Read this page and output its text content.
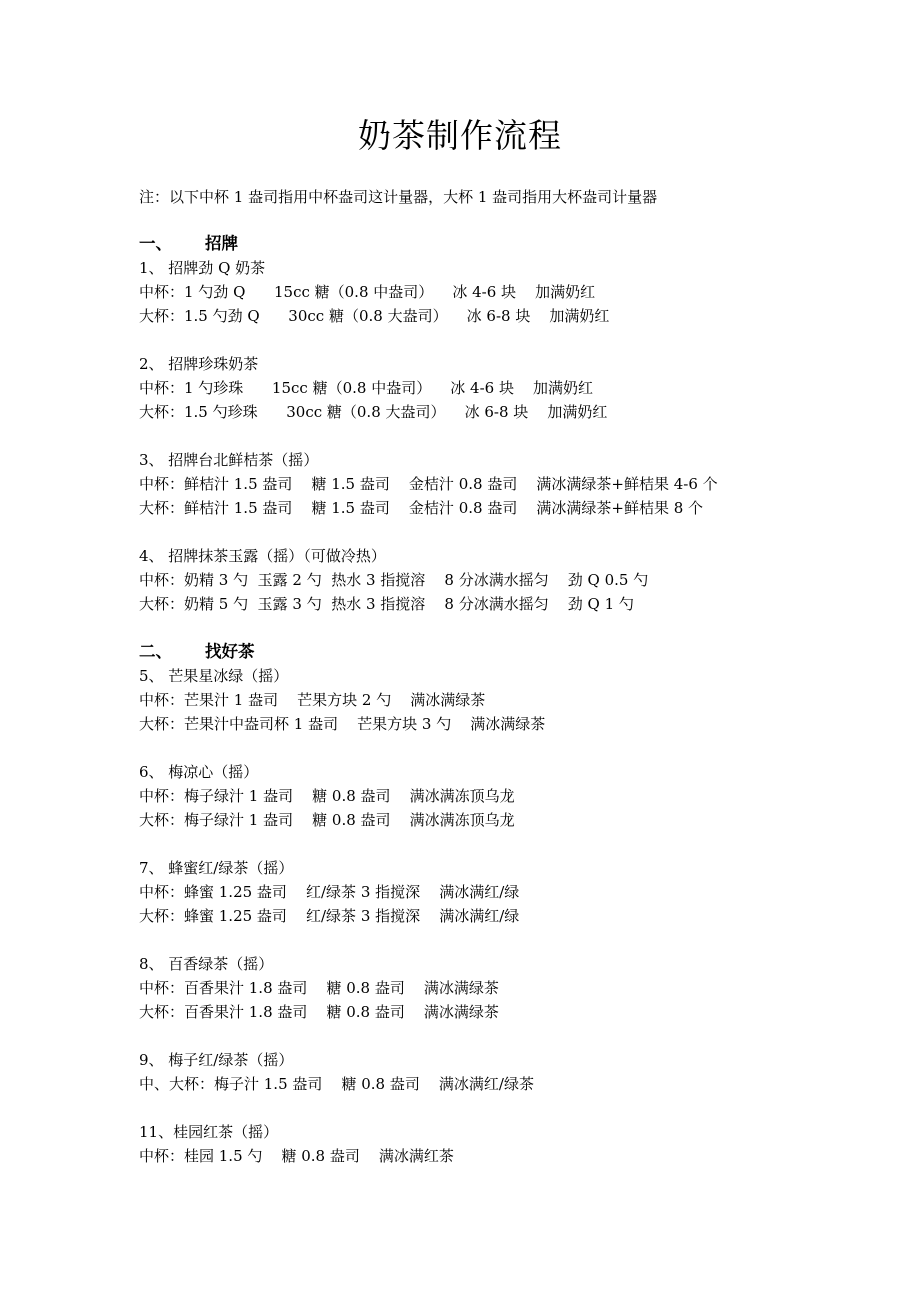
奶茶制作流程
注：以下中杯 1 盎司指用中杯盎司这计量器，大杯 1 盎司指用大杯盎司计量器
一、 招牌
1、 招牌劲 Q 奶茶
中杯：1 勺劲 Q      15cc 糖（0.8 中盎司）    冰 4-6 块    加满奶红
大杯：1.5 勺劲 Q      30cc 糖（0.8 大盎司）    冰 6-8 块    加满奶红
2、 招牌珍珠奶茶
中杯：1 勺珍珠      15cc 糖（0.8 中盎司）    冰 4-6 块    加满奶红
大杯：1.5 勺珍珠      30cc 糖（0.8 大盎司）    冰 6-8 块    加满奶红
3、 招牌台北鲜桔茶（摇）
中杯：鲜桔汁 1.5 盎司    糖 1.5 盎司    金桔汁 0.8 盎司    满冰满绿茶+鲜桔果 4-6 个
大杯：鲜桔汁 1.5 盎司    糖 1.5 盎司    金桔汁 0.8 盎司    满冰满绿茶+鲜桔果 8 个
4、 招牌抹茶玉露（摇）（可做冷热）
中杯：奶精 3 勺  玉露 2 勺  热水 3 指搅溶    8 分冰满水摇匀    劲 Q 0.5 勺
大杯：奶精 5 勺  玉露 3 勺  热水 3 指搅溶    8 分冰满水摇匀    劲 Q 1 勺
二、 找好茶
5、 芒果星冰绿（摇）
中杯：芒果汁 1 盎司    芒果方块 2 勺    满冰满绿茶
大杯：芒果汁中盎司杯 1 盎司    芒果方块 3 勺    满冰满绿茶
6、 梅凉心（摇）
中杯：梅子绿汁 1 盎司    糖 0.8 盎司    满冰满冻顶乌龙
大杯：梅子绿汁 1 盎司    糖 0.8 盎司    满冰满冻顶乌龙
7、 蜂蜜红/绿茶（摇）
中杯：蜂蜜 1.25 盎司    红/绿茶 3 指搅深    满冰满红/绿
大杯：蜂蜜 1.25 盎司    红/绿茶 3 指搅深    满冰满红/绿
8、 百香绿茶（摇）
中杯：百香果汁 1.8 盎司    糖 0.8 盎司    满冰满绿茶
大杯：百香果汁 1.8 盎司    糖 0.8 盎司    满冰满绿茶
9、 梅子红/绿茶（摇）
中、大杯：梅子汁 1.5 盎司    糖 0.8 盎司    满冰满红/绿茶
11、桂园红茶（摇）
中杯：桂园 1.5 勺    糖 0.8 盎司    满冰满红茶
